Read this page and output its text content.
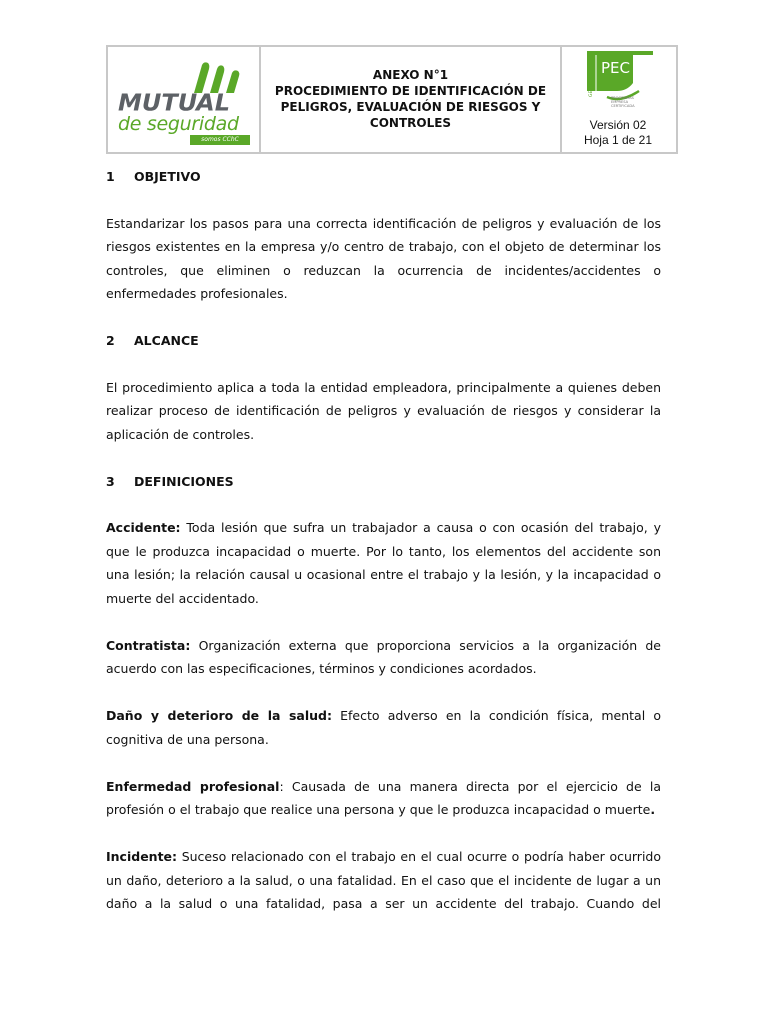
MUTUAL
de seguridad
somos CChC
ANEXO N°1
PROCEDIMIENTO DE IDENTIFICACIÓN DE
PELIGROS, EVALUACIÓN DE RIESGOS Y
CONTROLES
GESTIÓN
PEC
PROGRAMAS
EMPRESA
CERTIFICADA
Versión 02
Hoja 1 de 21
1	OBJETIVO

Estandarizar los pasos para una correcta identificación de peligros y evaluación de los riesgos existentes en la empresa y/o centro de trabajo, con el objeto de determinar los controles, que eliminen o reduzcan la ocurrencia de incidentes/accidentes o enfermedades profesionales.

2	ALCANCE

El procedimiento aplica a toda la entidad empleadora, principalmente a quienes deben realizar proceso de identificación de peligros y evaluación de riesgos y considerar la aplicación de controles.

3	DEFINICIONES

Accidente: Toda lesión que sufra un trabajador a causa o con ocasión del trabajo, y que le produzca incapacidad o muerte. Por lo tanto, los elementos del accidente son una lesión; la relación causal u ocasional entre el trabajo y la lesión, y la incapacidad o muerte del accidentado.

Contratista: Organización externa que proporciona servicios a la organización de acuerdo con las especificaciones, términos y condiciones acordados.

Daño y deterioro de la salud: Efecto adverso en la condición física, mental o cognitiva de una persona.

Enfermedad profesional: Causada de una manera directa por el ejercicio de la profesión o el trabajo que realice una persona y que le produzca incapacidad o muerte.

Incidente: Suceso relacionado con el trabajo en el cual ocurre o podría haber ocurrido un daño, deterioro a la salud, o una fatalidad. En el caso que el incidente de lugar a un daño a la salud o una fatalidad, pasa a ser un accidente del trabajo. Cuando del
